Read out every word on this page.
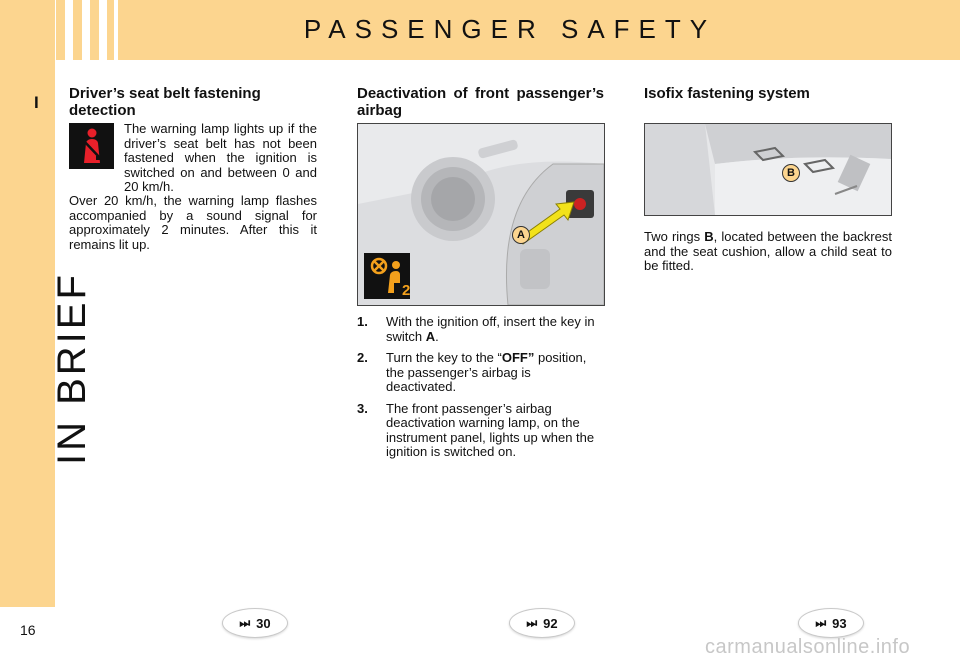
PASSENGER SAFETY
I
IN BRIEF
16
Driver’s seat belt fastening detection

The warning lamp lights up if the driver’s seat belt has not been fastened when the ignition is switched on and between 0 and 20 km/h.

Over 20 km/h, the warning lamp flashes accompanied by a sound signal for approximately 2 minutes. After this it remains lit up.

Deactivation of front passenger’s airbag
2
A
1. With the ignition off, insert the key in switch A.
2. Turn the key to the “OFF” position, the passenger’s airbag is deactivated.
3. The front passenger’s airbag deactivation warning lamp, on the instrument panel, lights up when the ignition is switched on.
Isofix fastening system
B

Two rings B, located between the backrest and the seat cushion, allow a child seat to be fitted.

⏭ 30	⏭ 92	⏭ 93
carmanualsonline.info
